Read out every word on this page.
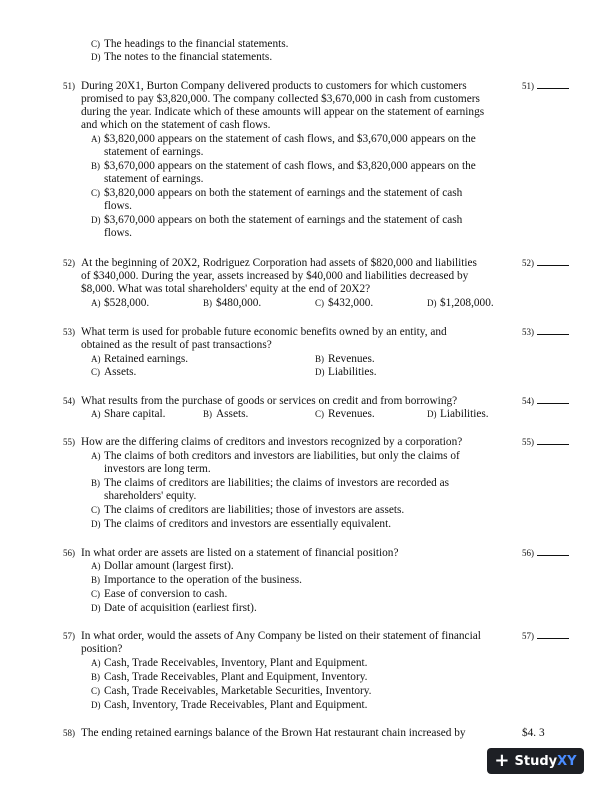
C) The headings to the financial statements.
D) The notes to the financial statements.
51) During 20X1, Burton Company delivered products to customers for which customers
promised to pay $3,820,000. The company collected $3,670,000 in cash from customers
during the year. Indicate which of these amounts will appear on the statement of earnings
and which on the statement of cash flows.
A) $3,820,000 appears on the statement of cash flows, and $3,670,000 appears on the
statement of earnings.
B) $3,670,000 appears on the statement of cash flows, and $3,820,000 appears on the
statement of earnings.
C) $3,820,000 appears on both the statement of earnings and the statement of cash
flows.
D) $3,670,000 appears on both the statement of earnings and the statement of cash
flows.
51)
52) At the beginning of 20X2, Rodriguez Corporation had assets of $820,000 and liabilities
of $340,000. During the year, assets increased by $40,000 and liabilities decreased by
$8,000. What was total shareholders' equity at the end of 20X2?
A) $528,000.	B) $480,000.	C) $432,000.	D) $1,208,000.
52)
53) What term is used for probable future economic benefits owned by an entity, and
obtained as the result of past transactions?
A) Retained earnings.	B) Revenues.
C) Assets.	D) Liabilities.
53)
54) What results from the purchase of goods or services on credit and from borrowing?
A) Share capital.	B) Assets.	C) Revenues.	D) Liabilities.
54)
55) How are the differing claims of creditors and investors recognized by a corporation?
A) The claims of both creditors and investors are liabilities, but only the claims of
investors are long term.
B) The claims of creditors are liabilities; the claims of investors are recorded as
shareholders' equity.
C) The claims of creditors are liabilities; those of investors are assets.
D) The claims of creditors and investors are essentially equivalent.
55)
56) In what order are assets are listed on a statement of financial position?
A) Dollar amount (largest first).
B) Importance to the operation of the business.
C) Ease of conversion to cash.
D) Date of acquisition (earliest first).
56)
57) In what order, would the assets of Any Company be listed on their statement of financial
position?
A) Cash, Trade Receivables, Inventory, Plant and Equipment.
B) Cash, Trade Receivables, Plant and Equipment, Inventory.
C) Cash, Trade Receivables, Marketable Securities, Inventory.
D) Cash, Inventory, Trade Receivables, Plant and Equipment.
57)
58) The ending retained earnings balance of the Brown Hat restaurant chain increased by	$4. 3
+ StudyXY
